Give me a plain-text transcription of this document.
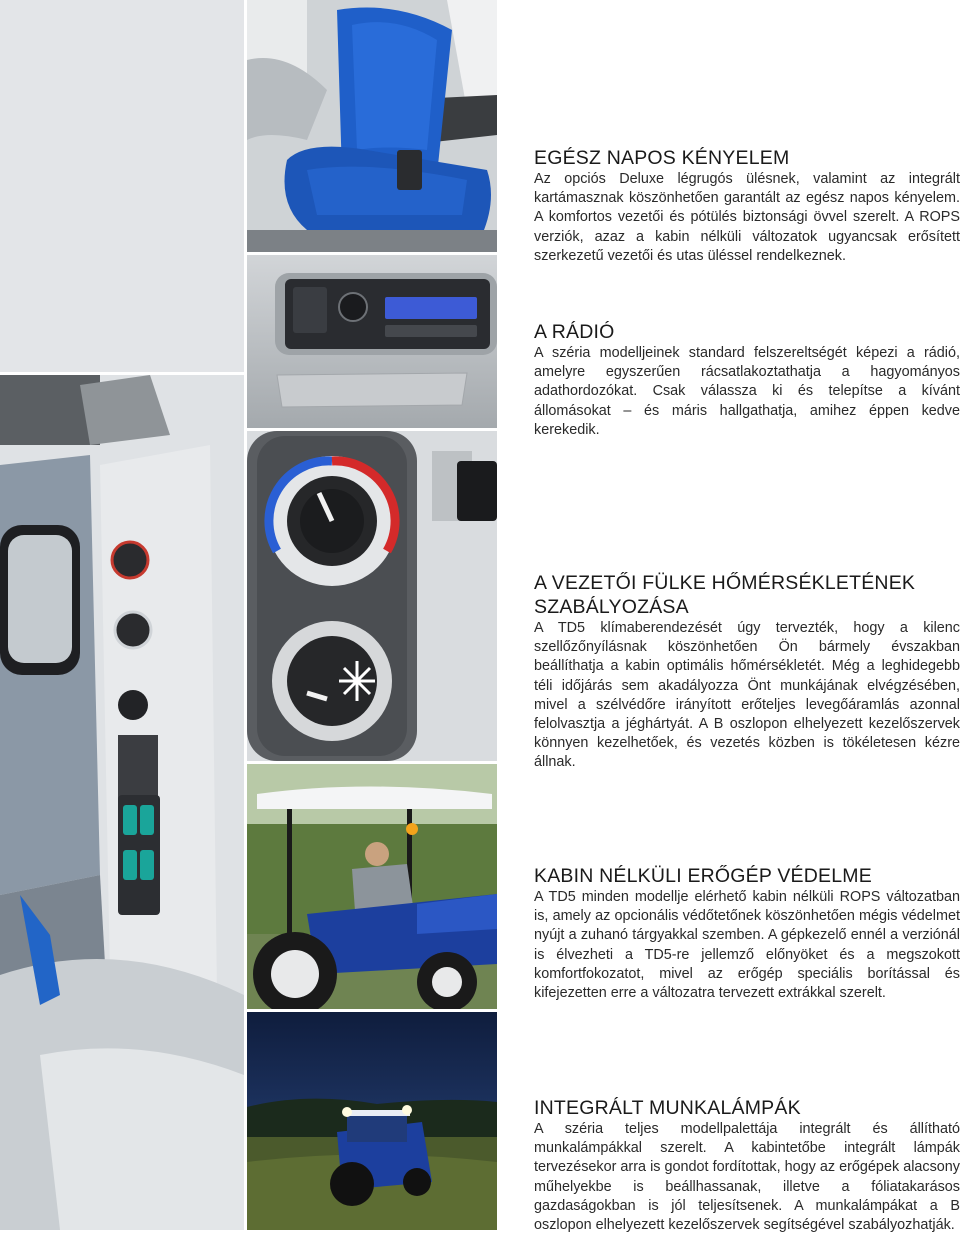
EGÉSZ NAPOS KÉNYELEM

Az opciós Deluxe légrugós ülésnek, valamint az integrált kartámasznak köszönhetően garantált az egész napos kényelem. A komfortos vezetői és pótülés biztonsági övvel szerelt. A ROPS verziók, azaz a kabin nélküli változatok ugyancsak erősített szerkezetű vezetői és utas üléssel rendelkeznek.

A RÁDIÓ

A széria modelljeinek standard felszereltségét képezi a rádió, amelyre egyszerűen rácsatlakoztathatja a hagyományos adathordozókat. Csak válassza ki és telepítse a kívánt állomásokat – és máris hallgathatja, amihez éppen kedve kerekedik.

A VEZETŐI FÜLKE HŐMÉRSÉKLETÉNEK
SZABÁLYOZÁSA

A TD5 klímaberendezését úgy tervezték, hogy a kilenc szellőzőnyílásnak köszönhetően Ön bármely évszakban beállíthatja a kabin optimális hőmérsékletét. Még a leghidegebb téli időjárás sem akadályozza Önt munkájának elvégzésében, mivel a szélvédőre irányított erőteljes levegőáramlás azonnal felolvasztja a jéghártyát. A B oszlopon elhelyezett kezelőszervek könnyen kezelhetőek, és vezetés közben is tökéletesen kézre állnak.

KABIN NÉLKÜLI ERŐGÉP VÉDELME

A TD5 minden modellje elérhető kabin nélküli ROPS változatban is, amely az opcionális védőtetőnek köszönhetően mégis védelmet nyújt a zuhanó tárgyakkal szemben. A gépkezelő ennél a verziónál is élvezheti a TD5-re jellemző előnyöket és a megszokott komfortfokozatot, mivel az erőgép speciális borítással és kifejezetten erre a változatra tervezett extrákkal szerelt.

INTEGRÁLT MUNKALÁMPÁK

A széria teljes modellpalettája integrált és állítható munkalámpákkal szerelt. A kabintetőbe integrált lámpák tervezésekor arra is gondot fordítottak, hogy az erőgépek alacsony műhelyekbe is beállhassanak, illetve a fóliatakarásos gazdaságokban is jól teljesítsenek. A munkalámpákat a B oszlopon elhelyezett kezelőszervek segítségével szabályozhatják.
